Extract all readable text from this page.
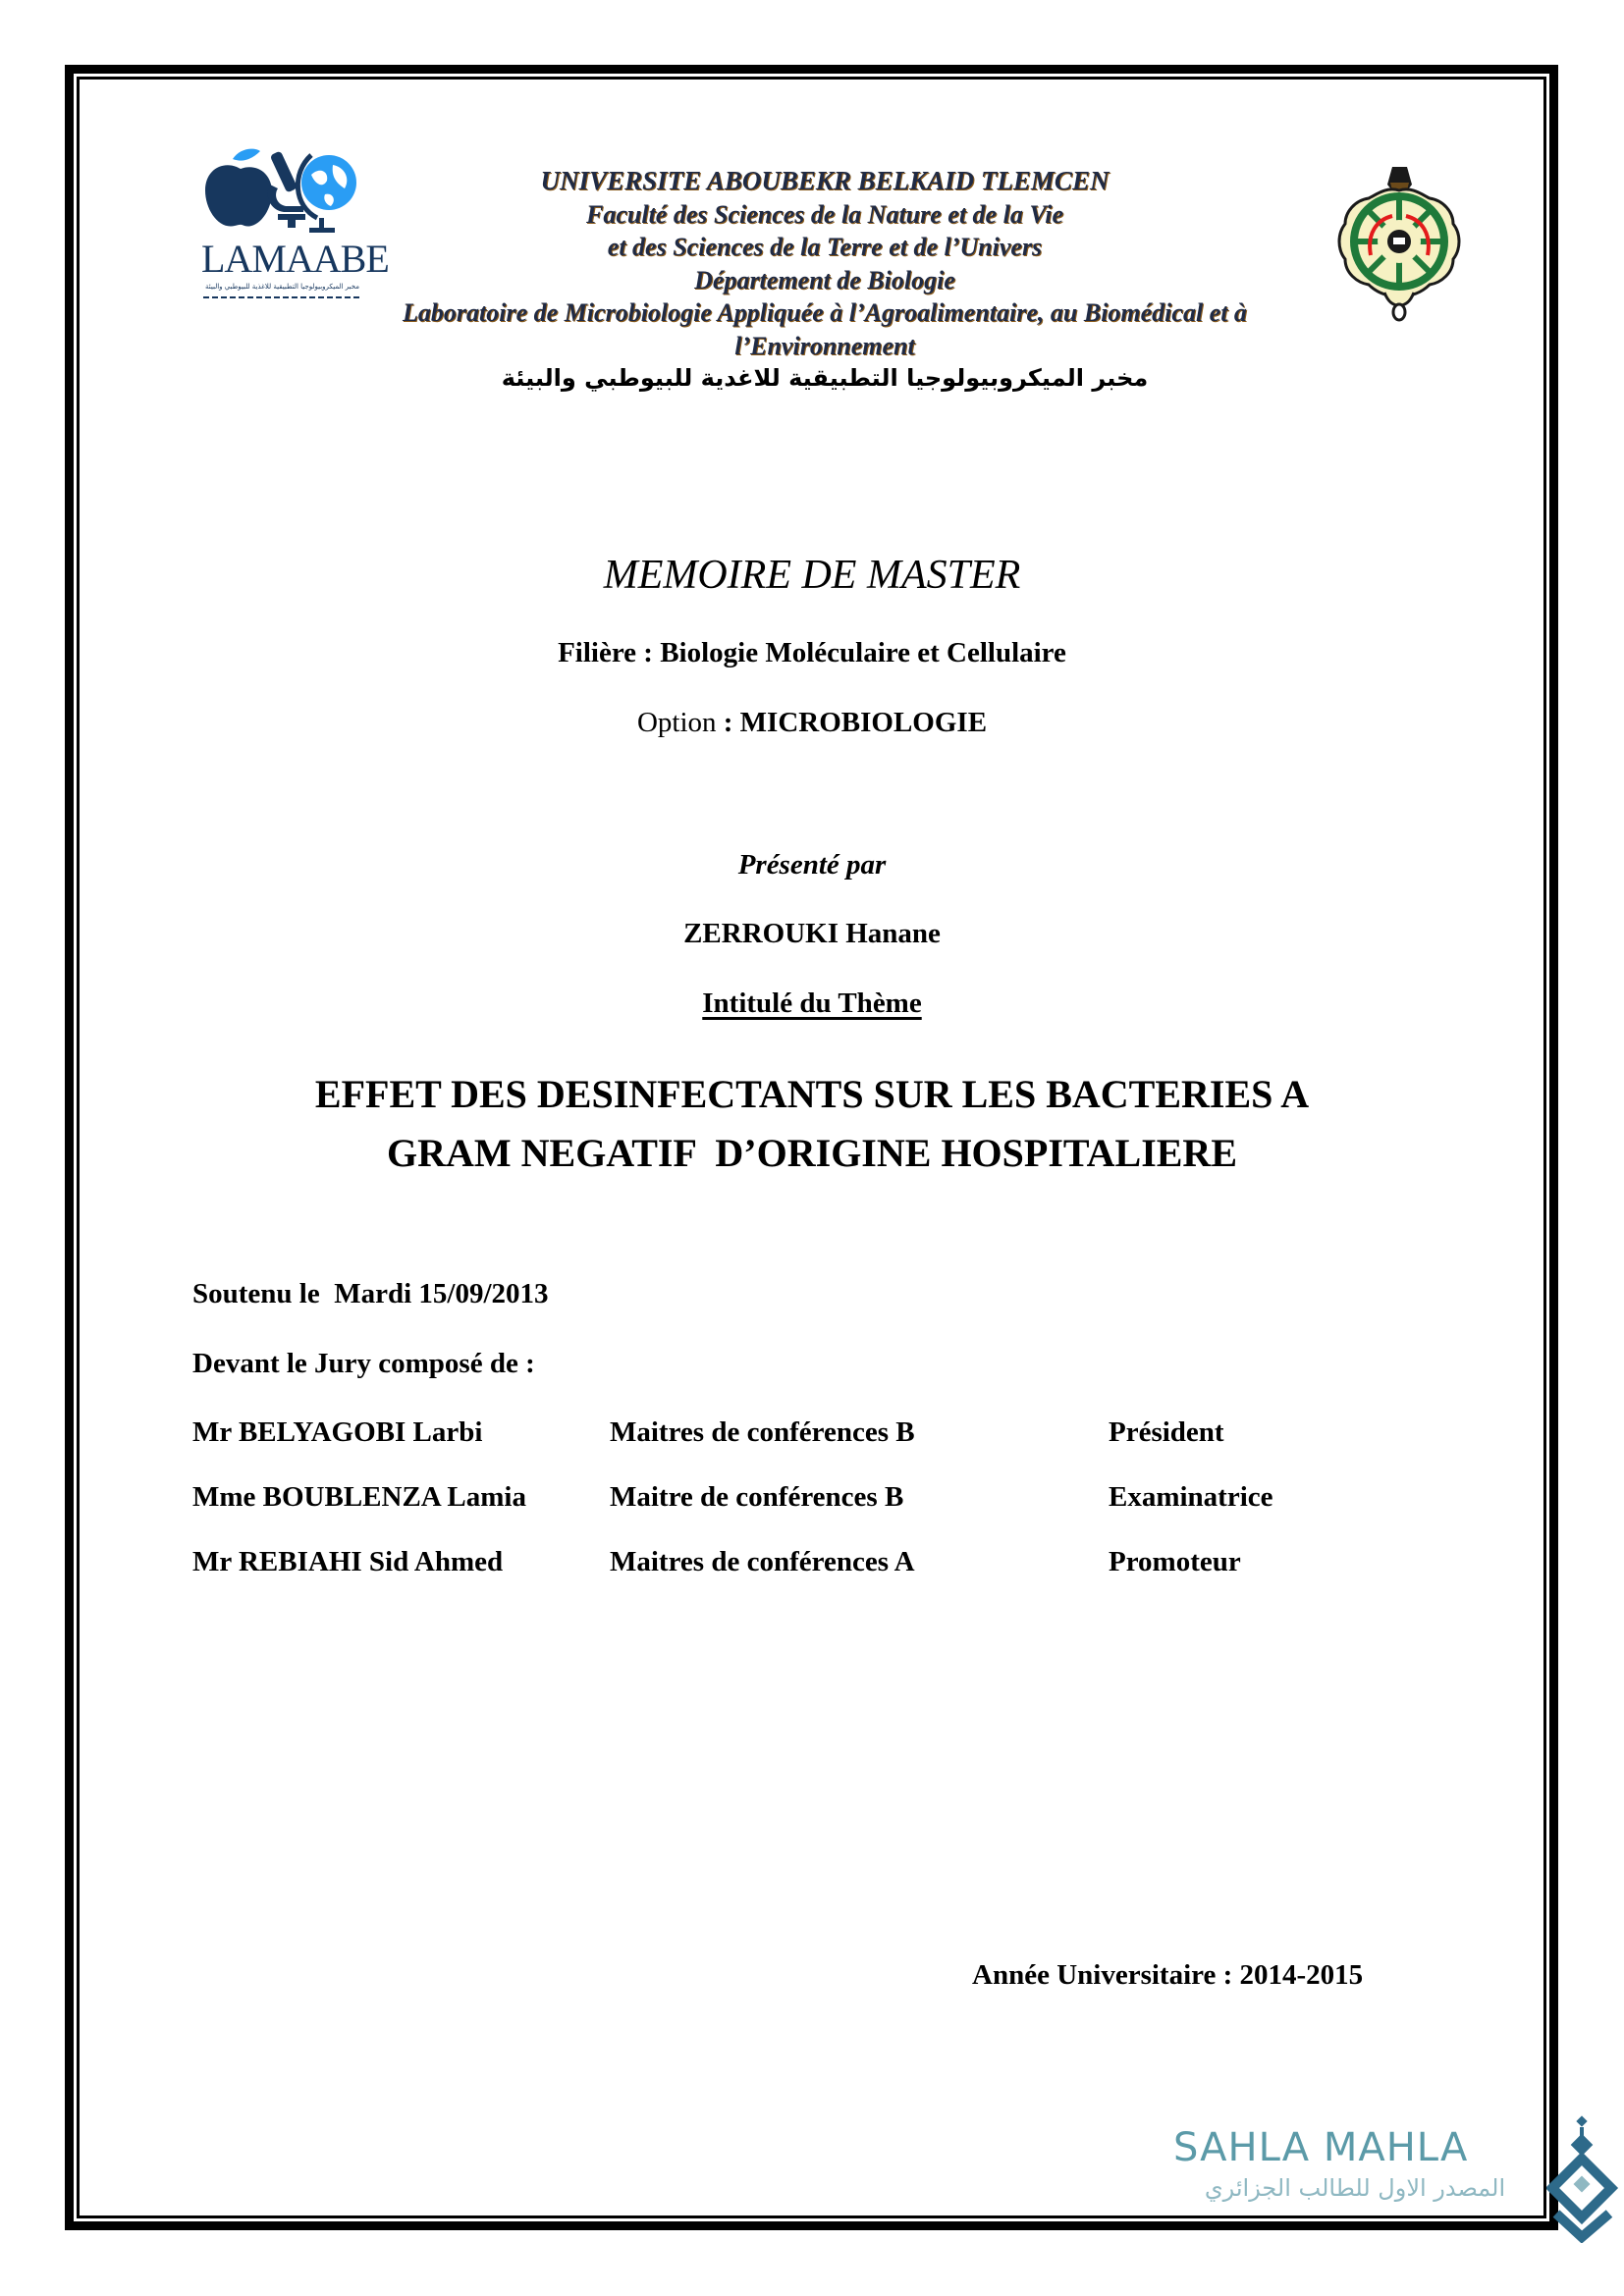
LAMAABE
مخبر الميكروبيولوجيا التطبيقية للاغذية للبيوطبي والبيئة
UNIVERSITE ABOUBEKR BELKAID TLEMCEN
Faculté des Sciences de la Nature et de la Vie
et des Sciences de la Terre et de l’Univers
Département de Biologie
Laboratoire de Microbiologie Appliquée à l’Agroalimentaire, au Biomédical et à
l’Environnement
مخبر الميكروبيولوجيا التطبيقية للاغدية للبيوطبي والبيئة
MEMOIRE DE MASTER
Filière : Biologie Moléculaire et Cellulaire
Option : MICROBIOLOGIE
Présenté par
ZERROUKI Hanane
Intitulé du Thème
EFFET DES DESINFECTANTS SUR LES BACTERIES A
GRAM NEGATIF  D’ORIGINE HOSPITALIERE
Soutenu le  Mardi 15/09/2013
Devant le Jury composé de :
Mr BELYAGOBI Larbi	Maitres de conférences B	Président
Mme BOUBLENZA Lamia	Maitre de conférences B	Examinatrice
Mr REBIAHI Sid Ahmed	Maitres de conférences A	Promoteur
Année Universitaire : 2014-2015
SAHLA MAHLA
المصدر الاول للطالب الجزائري
